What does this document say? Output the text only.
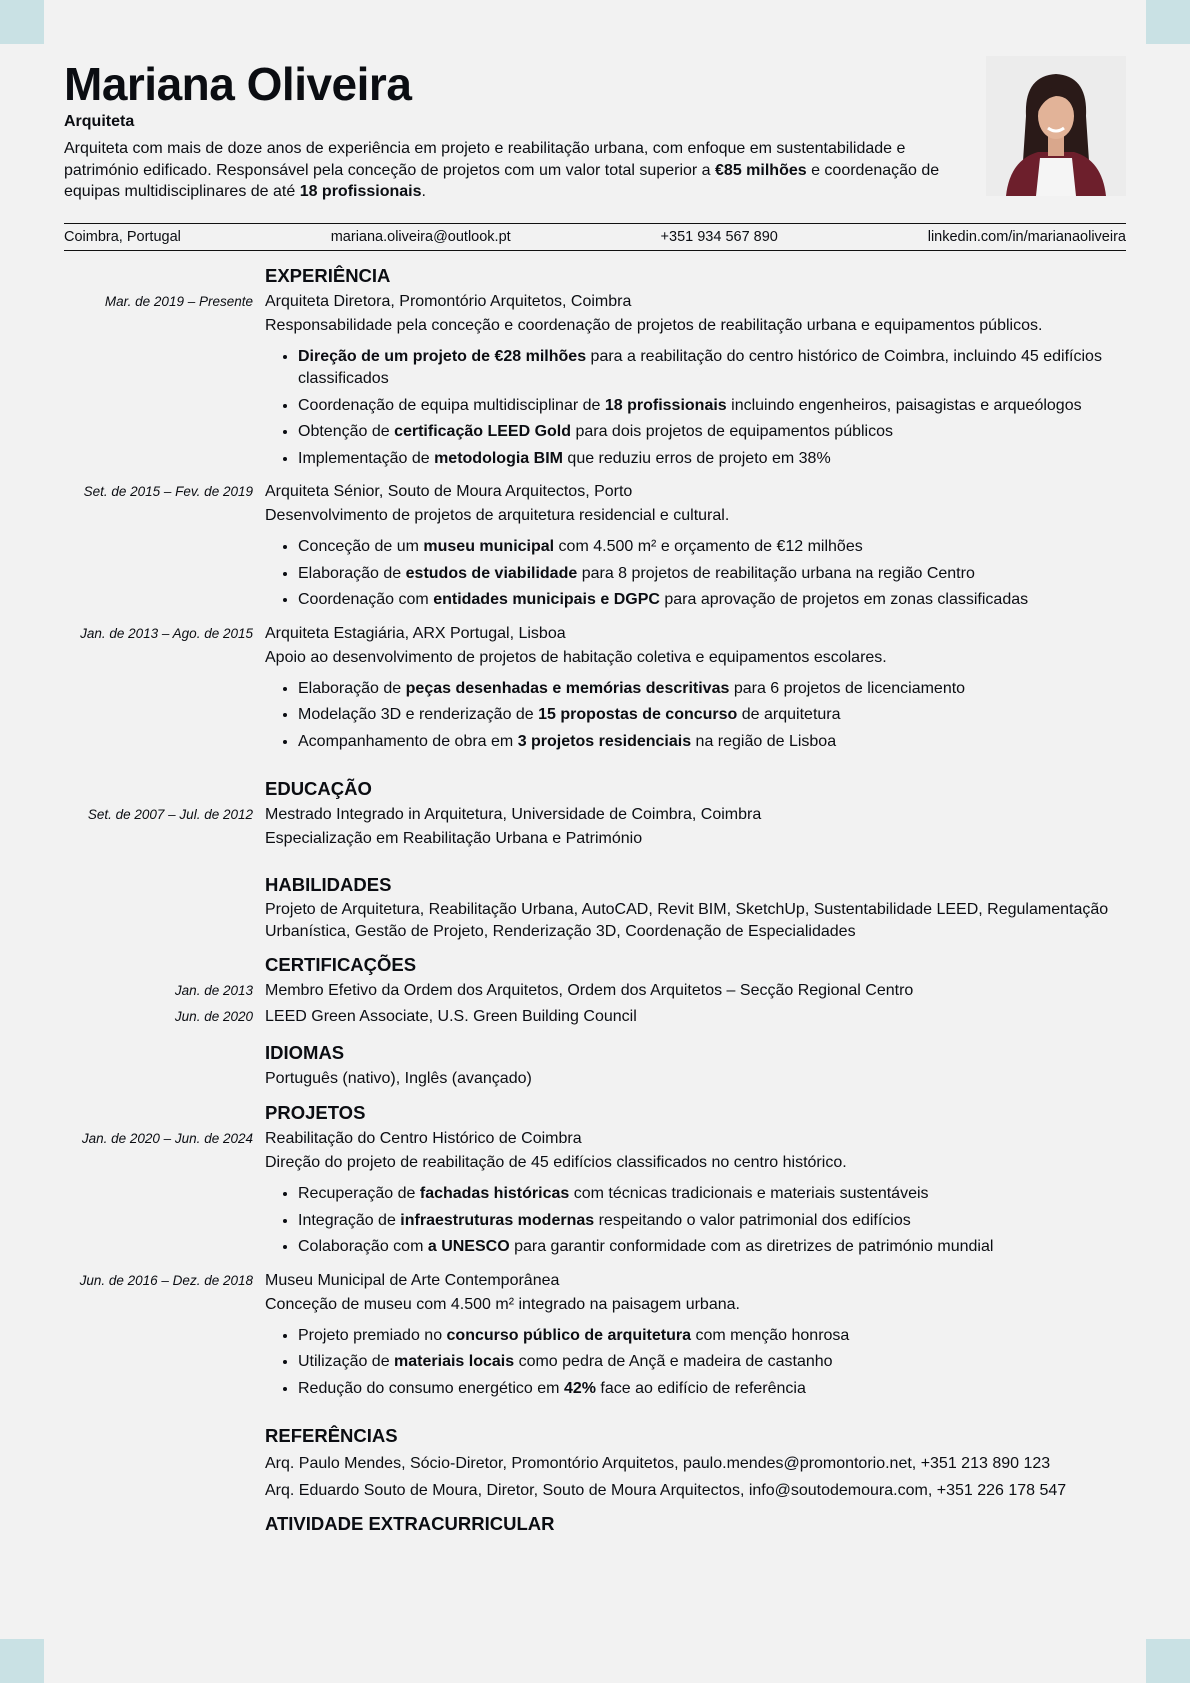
Mariana Oliveira
Arquiteta
Arquiteta com mais de doze anos de experiência em projeto e reabilitação urbana, com enfoque em sustentabilidade e património edificado. Responsável pela conceção de projetos com um valor total superior a €85 milhões e coordenação de equipas multidisciplinares de até 18 profissionais.
Coimbra, Portugal	mariana.oliveira@outlook.pt	+351 934 567 890	linkedin.com/in/marianaoliveira
EXPERIÊNCIA
Mar. de 2019 – Presente Arquiteta Diretora, Promontório Arquitetos, Coimbra
Responsabilidade pela conceção e coordenação de projetos de reabilitação urbana e equipamentos públicos.
• Direção de um projeto de €28 milhões para a reabilitação do centro histórico de Coimbra, incluindo 45 edifícios classificados
• Coordenação de equipa multidisciplinar de 18 profissionais incluindo engenheiros, paisagistas e arqueólogos
• Obtenção de certificação LEED Gold para dois projetos de equipamentos públicos
• Implementação de metodologia BIM que reduziu erros de projeto em 38%
Set. de 2015 – Fev. de 2019 Arquiteta Sénior, Souto de Moura Arquitectos, Porto
Desenvolvimento de projetos de arquitetura residencial e cultural.
• Conceção de um museu municipal com 4.500 m² e orçamento de €12 milhões
• Elaboração de estudos de viabilidade para 8 projetos de reabilitação urbana na região Centro
• Coordenação com entidades municipais e DGPC para aprovação de projetos em zonas classificadas
Jan. de 2013 – Ago. de 2015 Arquiteta Estagiária, ARX Portugal, Lisboa
Apoio ao desenvolvimento de projetos de habitação coletiva e equipamentos escolares.
• Elaboração de peças desenhadas e memórias descritivas para 6 projetos de licenciamento
• Modelação 3D e renderização de 15 propostas de concurso de arquitetura
• Acompanhamento de obra em 3 projetos residenciais na região de Lisboa
EDUCAÇÃO
Set. de 2007 – Jul. de 2012 Mestrado Integrado in Arquitetura, Universidade de Coimbra, Coimbra
Especialização em Reabilitação Urbana e Património
HABILIDADES
Projeto de Arquitetura, Reabilitação Urbana, AutoCAD, Revit BIM, SketchUp, Sustentabilidade LEED, Regulamentação Urbanística, Gestão de Projeto, Renderização 3D, Coordenação de Especialidades
CERTIFICAÇÕES
Jan. de 2013 Membro Efetivo da Ordem dos Arquitetos, Ordem dos Arquitetos – Secção Regional Centro
Jun. de 2020 LEED Green Associate, U.S. Green Building Council
IDIOMAS
Português (nativo), Inglês (avançado)
PROJETOS
Jan. de 2020 – Jun. de 2024 Reabilitação do Centro Histórico de Coimbra
Direção do projeto de reabilitação de 45 edifícios classificados no centro histórico.
• Recuperação de fachadas históricas com técnicas tradicionais e materiais sustentáveis
• Integração de infraestruturas modernas respeitando o valor patrimonial dos edifícios
• Colaboração com a UNESCO para garantir conformidade com as diretrizes de património mundial
Jun. de 2016 – Dez. de 2018 Museu Municipal de Arte Contemporânea
Conceção de museu com 4.500 m² integrado na paisagem urbana.
• Projeto premiado no concurso público de arquitetura com menção honrosa
• Utilização de materiais locais como pedra de Ançã e madeira de castanho
• Redução do consumo energético em 42% face ao edifício de referência
REFERÊNCIAS
Arq. Paulo Mendes, Sócio-Diretor, Promontório Arquitetos, paulo.mendes@promontorio.net, +351 213 890 123
Arq. Eduardo Souto de Moura, Diretor, Souto de Moura Arquitectos, info@soutodemoura.com, +351 226 178 547
ATIVIDADE EXTRACURRICULAR
